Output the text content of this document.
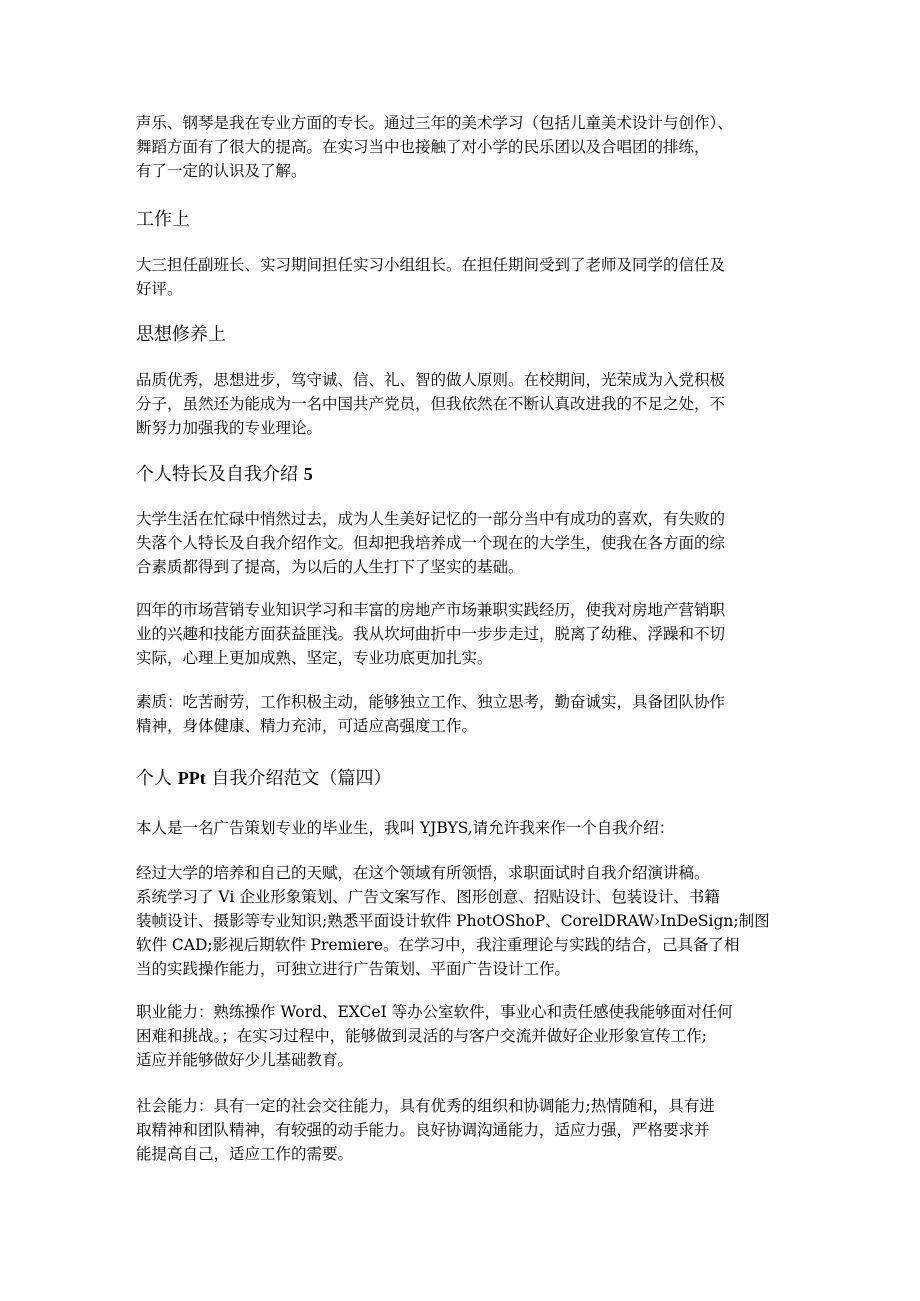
声乐、钢琴是我在专业方面的专长。通过三年的美术学习（包括儿童美术设计与创作）、
舞蹈方面有了很大的提高。在实习当中也接触了对小学的民乐团以及合唱团的排练，
有了一定的认识及了解。
工作上
大三担任副班长、实习期间担任实习小组组长。在担任期间受到了老师及同学的信任及
好评。
思想修养上
品质优秀，思想进步，笃守诚、信、礼、智的做人原则。在校期间，光荣成为入党积极
分子，虽然还为能成为一名中国共产党员，但我依然在不断认真改进我的不足之处，不
断努力加强我的专业理论。
个人特长及自我介绍 5
大学生活在忙碌中悄然过去，成为人生美好记忆的一部分当中有成功的喜欢，有失败的
失落个人特长及自我介绍作文。但却把我培养成一个现在的大学生，使我在各方面的综
合素质都得到了提高，为以后的人生打下了坚实的基础。
四年的市场营销专业知识学习和丰富的房地产市场兼职实践经历，使我对房地产营销职
业的兴趣和技能方面获益匪浅。我从坎坷曲折中一步步走过，脱离了幼稚、浮躁和不切
实际，心理上更加成熟、坚定，专业功底更加扎实。
素质：吃苦耐劳，工作积极主动，能够独立工作、独立思考，勤奋诚实，具备团队协作
精神，身体健康、精力充沛，可适应高强度工作。
个人 PPt 自我介绍范文（篇四）
本人是一名广告策划专业的毕业生，我叫 YJBYS,请允许我来作一个自我介绍：
经过大学的培养和自己的天赋，在这个领域有所领悟，求职面试时自我介绍演讲稿。
系统学习了 Vi 企业形象策划、广告文案写作、图形创意、招贴设计、包装设计、书籍
装帧设计、摄影等专业知识;熟悉平面设计软件 PhotOShoP、CorelDRAW›InDeSign;制图
软件 CAD;影视后期软件 Premiere。在学习中，我注重理论与实践的结合，己具备了相
当的实践操作能力，可独立进行广告策划、平面广告设计工作。
职业能力：熟练操作 Word、EXCeI 等办公室软件，事业心和责任感使我能够面对任何
困难和挑战。；在实习过程中，能够做到灵活的与客户交流并做好企业形象宣传工作;
适应并能够做好少儿基础教育。
社会能力：具有一定的社会交往能力，具有优秀的组织和协调能力;热情随和，具有进
取精神和团队精神，有较强的动手能力。良好协调沟通能力，适应力强，严格要求并
能提高自己，适应工作的需要。
